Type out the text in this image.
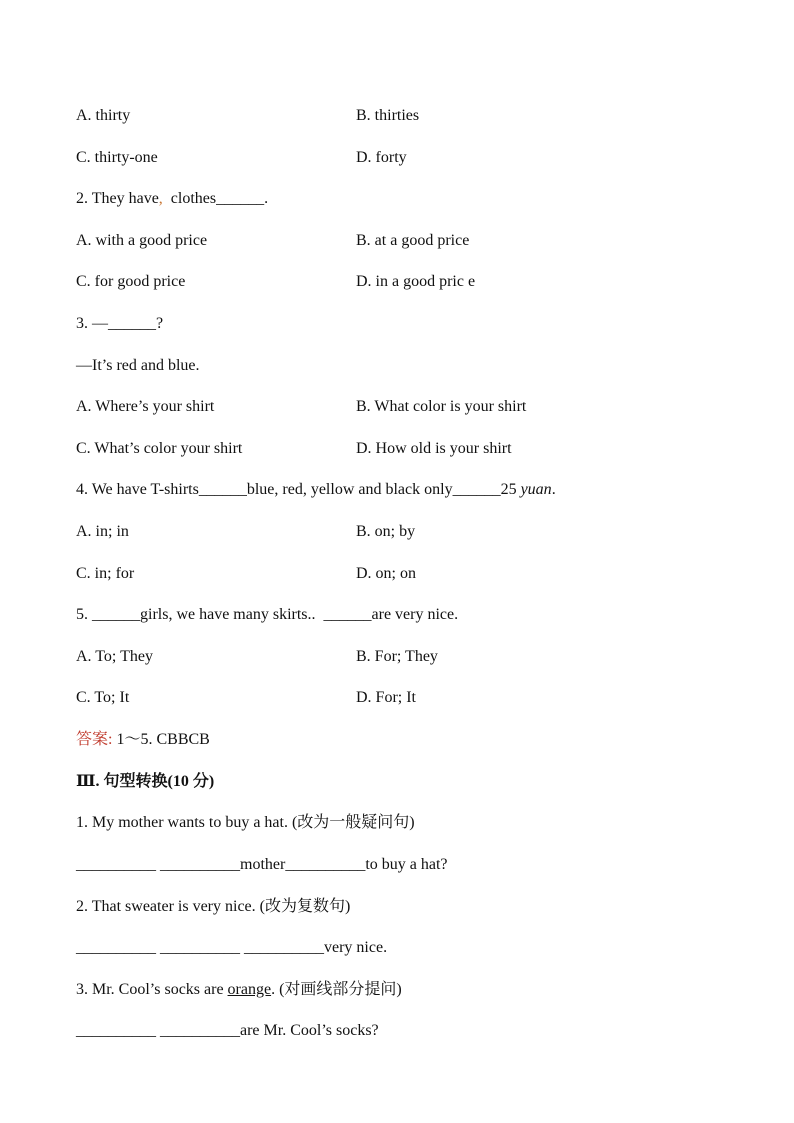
A. thirty	B. thirties
C. thirty-one	D. forty
2. They have,  clothes______.
A. with a good price	B. at a good price
C. for good price	D. in a good pric e
3. —______?
—It’s red and blue.
A. Where’s your shirt	B. What color is your shirt
C. What’s color your shirt	D. How old is your shirt
4. We have T-shirts______blue, red, yellow and black only______25 yuan.
A. in; in	B. on; by
C. in; for	D. on; on
5. ______girls, we have many skirts..  ______are very nice.
A. To; They	B. For; They
C. To; It	D. For; It
答案: 1～5. CBBCB
Ⅲ. 句型转换(10 分)
1. My mother wants to buy a hat. (改为一般疑问句)
__________ __________mother__________to buy a hat?
2. That sweater is very nice. (改为复数句)
__________ __________ __________very nice.
3. Mr. Cool’s socks are orange. (对画线部分提问)
__________ __________are Mr. Cool’s socks?
